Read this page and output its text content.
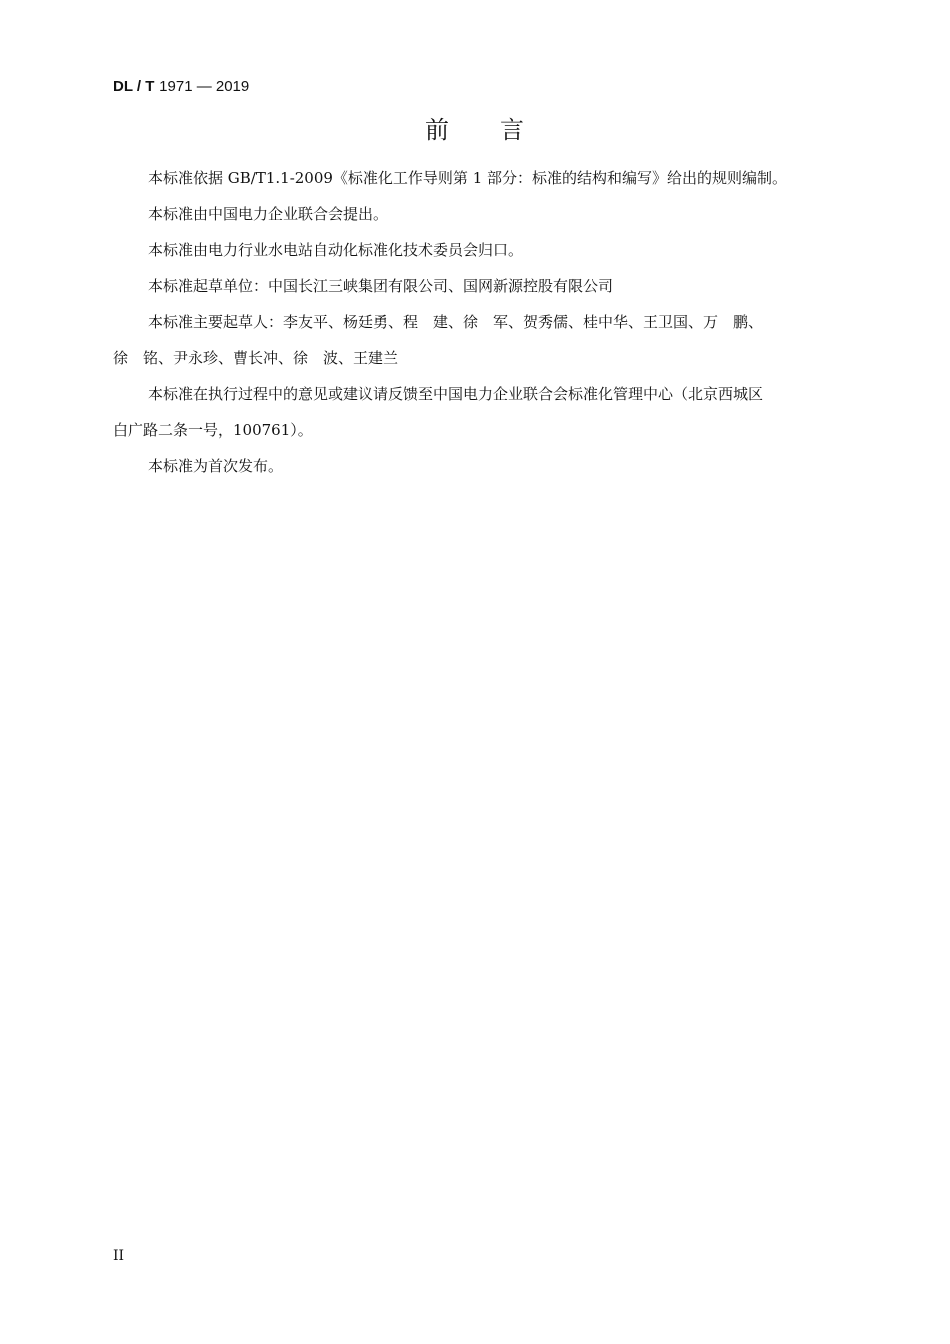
DL / T 1971 — 2019
前　　言

本标准依据 GB/T1.1-2009《标准化工作导则第 1 部分：标准的结构和编写》给出的规则编制。

本标准由中国电力企业联合会提出。

本标准由电力行业水电站自动化标准化技术委员会归口。

本标准起草单位：中国长江三峡集团有限公司、国网新源控股有限公司

本标准主要起草人：李友平、杨廷勇、程　建、徐　军、贺秀儒、桂中华、王卫国、万　鹏、
徐　铭、尹永珍、曹长冲、徐　波、王建兰

本标准在执行过程中的意见或建议请反馈至中国电力企业联合会标准化管理中心（北京西城区
白广路二条一号，100761）。

本标准为首次发布。

II
